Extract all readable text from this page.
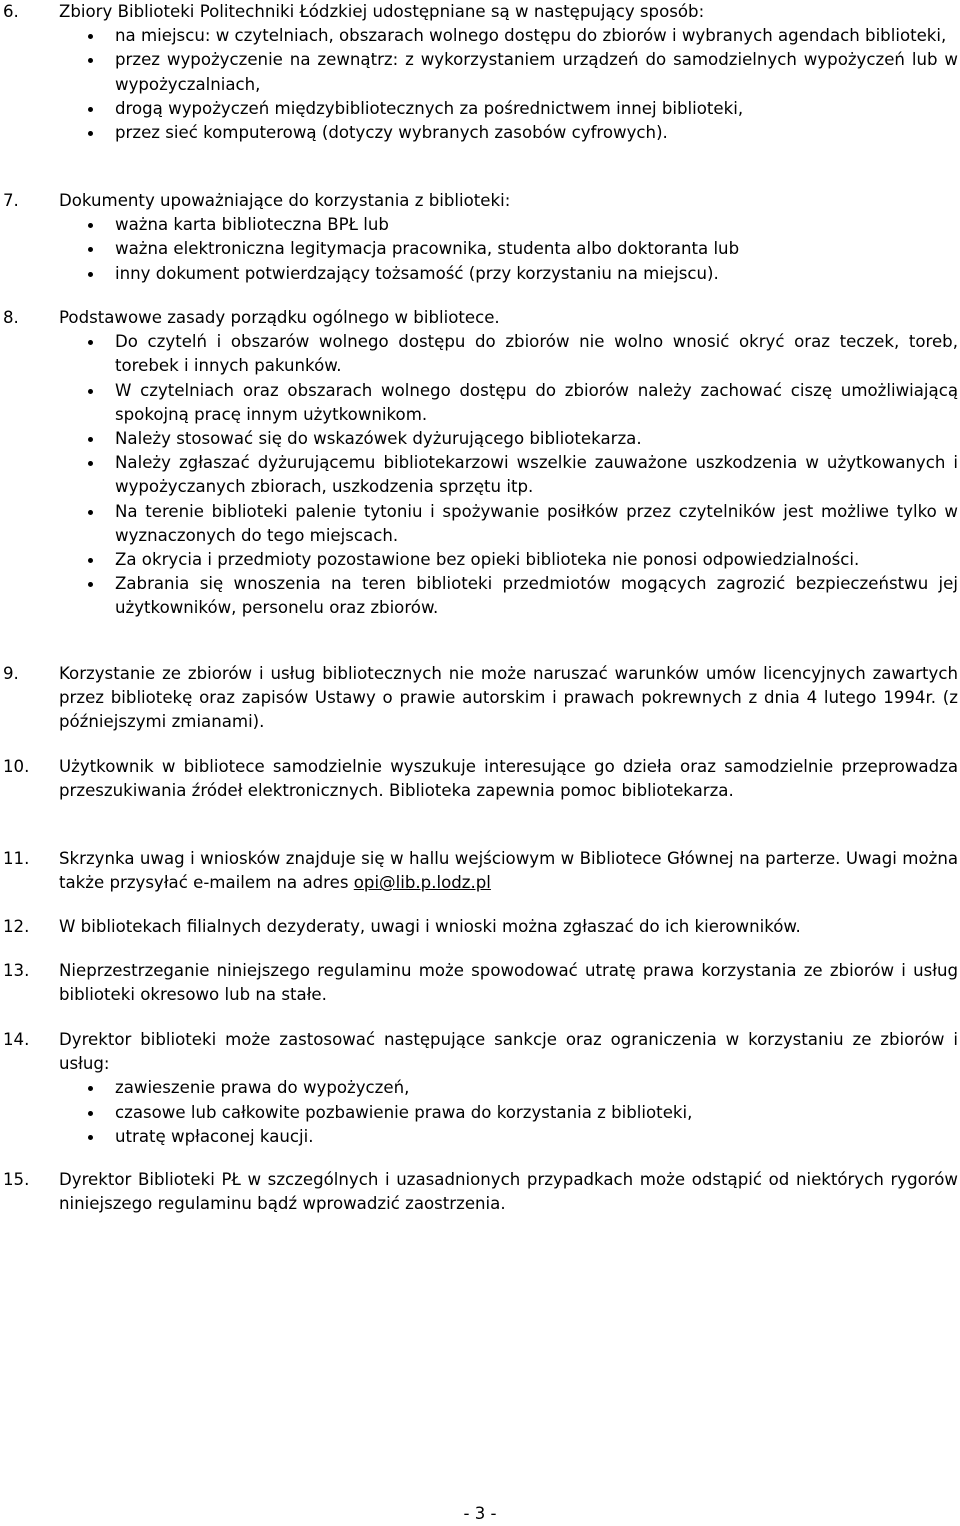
6. Zbiory Biblioteki Politechniki Łódzkiej udostępniane są w następujący sposób:
na miejscu: w czytelniach, obszarach wolnego dostępu do zbiorów i wybranych agendach biblioteki,
przez wypożyczenie na zewnątrz: z wykorzystaniem urządzeń do samodzielnych wypożyczeń lub w wypożyczalniach,
drogą wypożyczeń międzybibliotecznych za pośrednictwem innej biblioteki,
przez sieć komputerową (dotyczy wybranych zasobów cyfrowych).
7. Dokumenty upoważniające do korzystania z biblioteki:
ważna karta biblioteczna BPŁ lub
ważna elektroniczna legitymacja pracownika, studenta albo doktoranta lub
inny dokument potwierdzający tożsamość (przy korzystaniu na miejscu).
8. Podstawowe zasady porządku ogólnego w bibliotece.
Do czytelń i obszarów wolnego dostępu do zbiorów nie wolno wnosić okryć oraz teczek, toreb, torebek i innych pakunków.
W czytelniach oraz obszarach wolnego dostępu do zbiorów należy zachować ciszę umożliwiającą spokojną pracę innym użytkownikom.
Należy stosować się do wskazówek dyżurującego bibliotekarza.
Należy zgłaszać dyżurującemu bibliotekarzowi wszelkie zauważone uszkodzenia w użytkowanych i wypożyczanych zbiorach, uszkodzenia sprzętu itp.
Na terenie biblioteki palenie tytoniu i spożywanie posiłków przez czytelników jest możliwe tylko w wyznaczonych do tego miejscach.
Za okrycia i przedmioty pozostawione bez opieki biblioteka nie ponosi odpowiedzialności.
Zabrania się wnoszenia na teren biblioteki przedmiotów mogących zagrozić bezpieczeństwu jej użytkowników, personelu oraz zbiorów.
9. Korzystanie ze zbiorów i usług bibliotecznych nie może naruszać warunków umów licencyjnych zawartych przez bibliotekę oraz zapisów Ustawy o prawie autorskim i prawach pokrewnych z dnia 4 lutego 1994r. (z późniejszymi zmianami).
10. Użytkownik w bibliotece samodzielnie wyszukuje interesujące go dzieła oraz samodzielnie przeprowadza przeszukiwania źródeł elektronicznych. Biblioteka zapewnia pomoc bibliotekarza.
11. Skrzynka uwag i wniosków znajduje się w hallu wejściowym w Bibliotece Głównej na parterze. Uwagi można także przysyłać e-mailem na adres opi@lib.p.lodz.pl
12. W bibliotekach filialnych dezyderaty, uwagi i wnioski można zgłaszać do ich kierowników.
13. Nieprzestrzeganie niniejszego regulaminu może spowodować utratę prawa korzystania ze zbiorów i usług biblioteki okresowo lub na stałe.
14. Dyrektor biblioteki może zastosować następujące sankcje oraz ograniczenia w korzystaniu ze zbiorów i usług:
zawieszenie prawa do wypożyczeń,
czasowe lub całkowite pozbawienie prawa do korzystania z biblioteki,
utratę wpłaconej kaucji.
15. Dyrektor Biblioteki PŁ w szczególnych i uzasadnionych przypadkach może odstąpić od niektórych rygorów niniejszego regulaminu bądź wprowadzić zaostrzenia.
- 3 -
